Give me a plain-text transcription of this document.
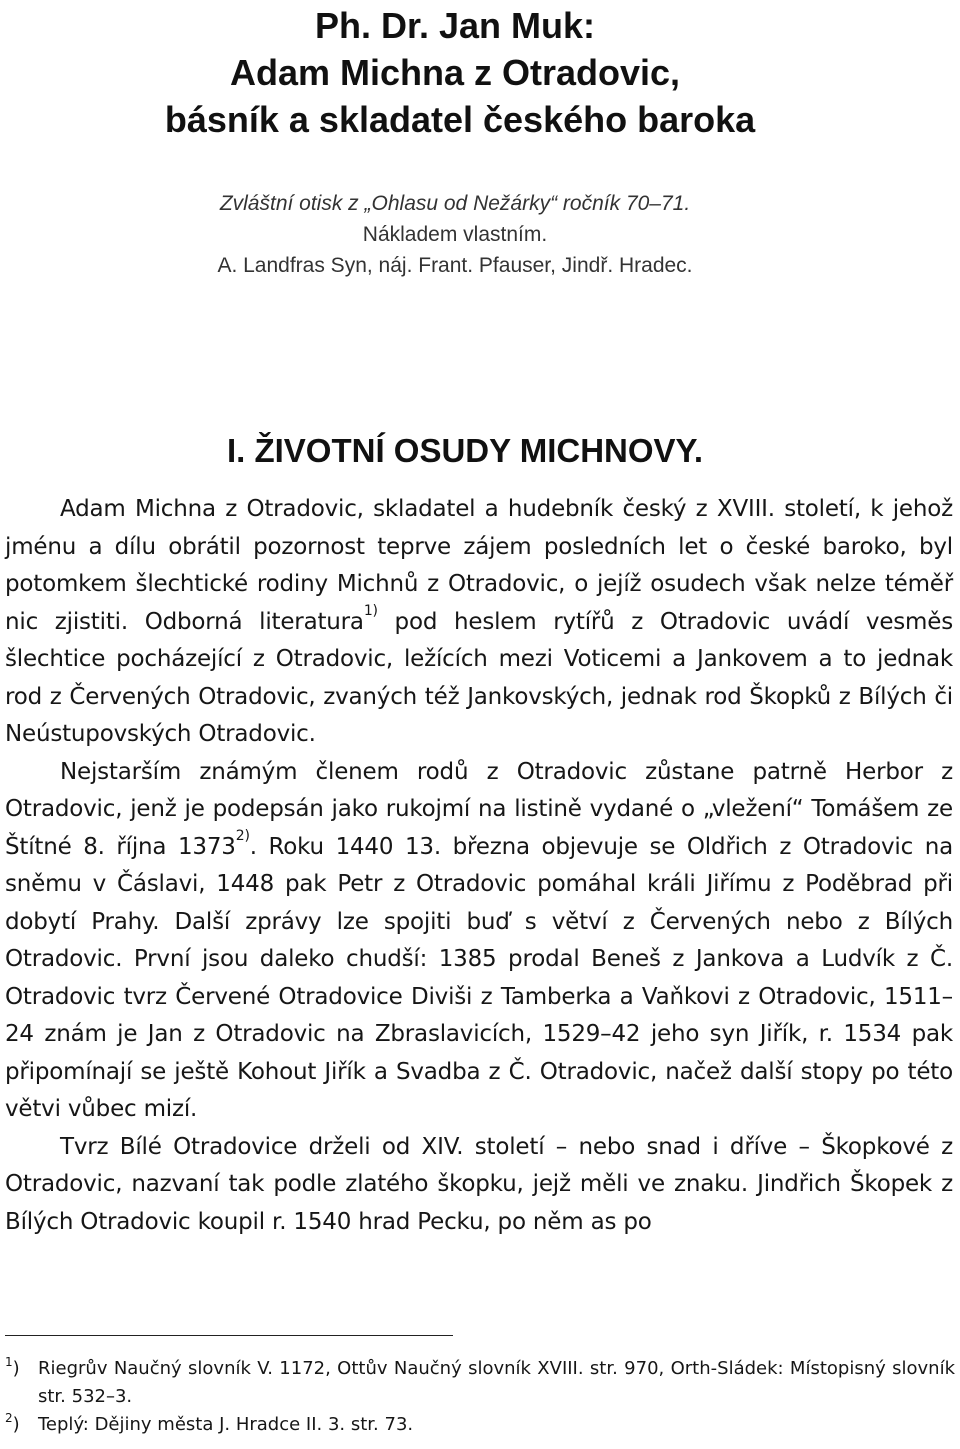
Ph. Dr. Jan Muk:
Adam Michna z Otradovic,
básník a skladatel českého baroka
Zvláštní otisk z „Ohlasu od Nežárky“ ročník 70–71.
Nákladem vlastním.
A. Landfras Syn, náj. Frant. Pfauser, Jindř. Hradec.
I. ŽIVOTNÍ OSUDY MICHNOVY.

Adam Michna z Otradovic, skladatel a hudebník český z XVIII. století, k jehož jménu a dílu obrátil pozornost teprve zájem posledních let o české baroko, byl potomkem šlechtické rodiny Michnů z Otradovic, o jejíž osudech však nelze téměř nic zjistiti. Odborná literatura$^{1)}$ pod heslem rytířů z Otradovic uvádí vesměs šlechtice pocházející z Otradovic, ležících mezi Voticemi a Jankovem a to jednak rod z Červených Otradovic, zvaných též Jankovských, jednak rod Škopků z Bílých či Neústupovských Otradovic.

Nejstarším známým členem rodů z Otradovic zůstane patrně Herbor z Otradovic, jenž je podepsán jako rukojmí na listině vydané o „vležení“ Tomášem ze Štítné 8. října 1373$^{2)}$. Roku 1440 13. března objevuje se Oldřich z Otradovic na sněmu v Čáslavi, 1448 pak Petr z Otradovic pomáhal králi Jiřímu z Poděbrad při dobytí Prahy. Další zprávy lze spojiti buď s větví z Červených nebo z Bílých Otradovic. První jsou daleko chudší: 1385 prodal Beneš z Jankova a Ludvík z Č. Otradovic tvrz Červené Otradovice Diviši z Tamberka a Vaňkovi z Otradovic, 1511–24 znám je Jan z Otradovic na Zbraslavicích, 1529–42 jeho syn Jiřík, r. 1534 pak připomínají se ještě Kohout Jiřík a Svadba z Č. Otradovic, načež další stopy po této větvi vůbec mizí.

Tvrz Bílé Otradovice drželi od XIV. století – nebo snad i dříve – Škopkové z Otradovic, nazvaní tak podle zlatého škopku, jejž měli ve znaku. Jindřich Škopek z Bílých Otradovic koupil r. 1540 hrad Pecku, po něm as po

$^1$) Riegrův Naučný slovník V. 1172, Ottův Naučný slovník XVIII. str. 970, Orth-Sládek: Místopisný slovník str. 532–3.
$^2$) Teplý: Dějiny města J. Hradce II. 3. str. 73.
